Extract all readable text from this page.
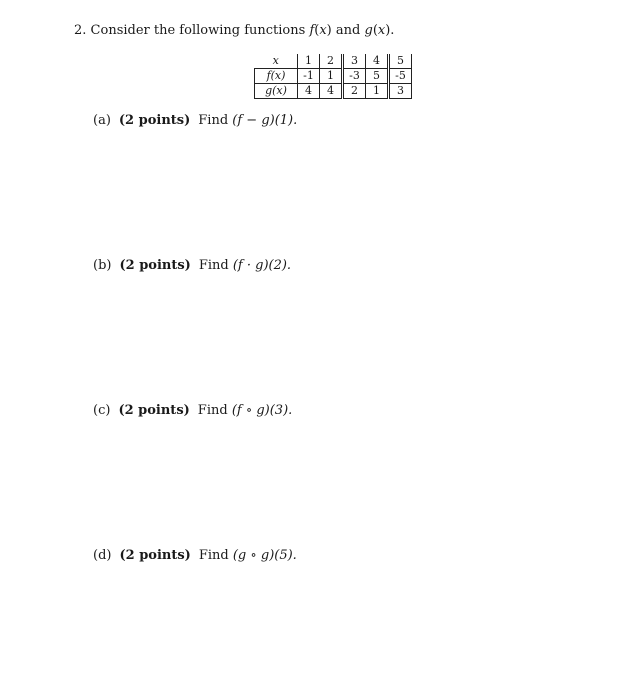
2. Consider the following functions f(x) and g(x).
x	1	2	3	4	5
f(x)	-1	1	-3	5	-5
g(x)	4	4	2	1	3
(a) (2 points) Find (f − g)(1).
(b) (2 points) Find (f · g)(2).
(c) (2 points) Find (f ∘ g)(3).
(d) (2 points) Find (g ∘ g)(5).
